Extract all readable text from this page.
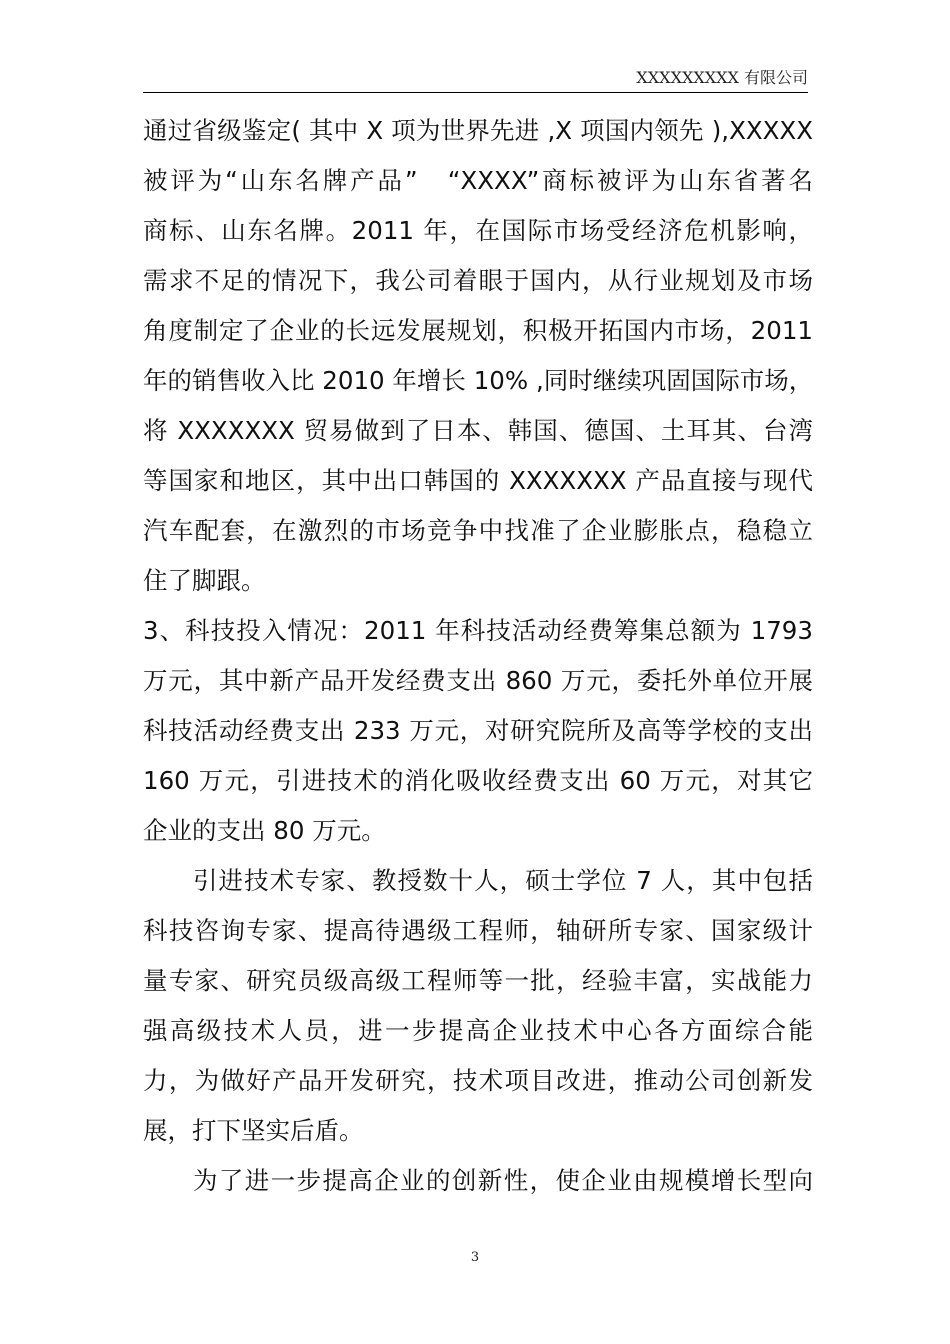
XXXXXXXXX 有限公司
通过省级鉴定( 其中 X 项为世界先进 ,X 项国内领先 ),XXXXX
被评为“山东名牌产品”　“XXXX”商标被评为山东省著名
商标、山东名牌。2011 年，在国际市场受经济危机影响，
需求不足的情况下，我公司着眼于国内，从行业规划及市场
角度制定了企业的长远发展规划，积极开拓国内市场，2011
年的销售收入比 2010 年增长 10% ,同时继续巩固国际市场，
将 XXXXXXX 贸易做到了日本、韩国、德国、土耳其、台湾
等国家和地区，其中出口韩国的 XXXXXXX 产品直接与现代
汽车配套，在激烈的市场竞争中找准了企业膨胀点，稳稳立
住了脚跟。
3、科技投入情况：2011 年科技活动经费筹集总额为 1793
万元，其中新产品开发经费支出 860 万元，委托外单位开展
科技活动经费支出 233 万元，对研究院所及高等学校的支出
160 万元，引进技术的消化吸收经费支出 60 万元，对其它
企业的支出 80 万元。
引进技术专家、教授数十人，硕士学位 7 人，其中包括
科技咨询专家、提高待遇级工程师，轴研所专家、国家级计
量专家、研究员级高级工程师等一批，经验丰富，实战能力
强高级技术人员，进一步提高企业技术中心各方面综合能
力，为做好产品开发研究，技术项目改进，推动公司创新发
展，打下坚实后盾。
为了进一步提高企业的创新性，使企业由规模增长型向
3
